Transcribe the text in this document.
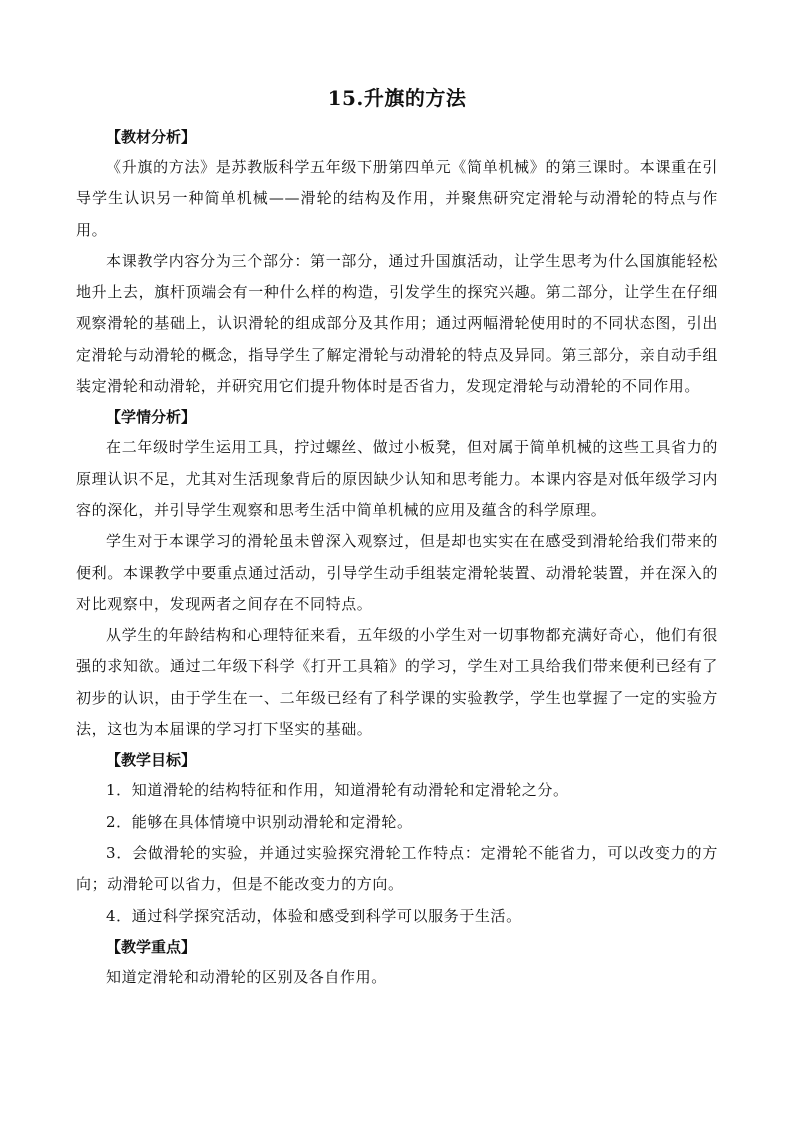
15.升旗的方法

【教材分析】

《升旗的方法》是苏教版科学五年级下册第四单元《简单机械》的第三课时。本课重在引导学生认识另一种简单机械——滑轮的结构及作用，并聚焦研究定滑轮与动滑轮的特点与作用。

本课教学内容分为三个部分：第一部分，通过升国旗活动，让学生思考为什么国旗能轻松地升上去，旗杆顶端会有一种什么样的构造，引发学生的探究兴趣。第二部分，让学生在仔细观察滑轮的基础上，认识滑轮的组成部分及其作用；通过两幅滑轮使用时的不同状态图，引出定滑轮与动滑轮的概念，指导学生了解定滑轮与动滑轮的特点及异同。第三部分，亲自动手组装定滑轮和动滑轮，并研究用它们提升物体时是否省力，发现定滑轮与动滑轮的不同作用。

【学情分析】

在二年级时学生运用工具，拧过螺丝、做过小板凳，但对属于简单机械的这些工具省力的原理认识不足，尤其对生活现象背后的原因缺少认知和思考能力。本课内容是对低年级学习内容的深化，并引导学生观察和思考生活中简单机械的应用及蕴含的科学原理。

学生对于本课学习的滑轮虽未曾深入观察过，但是却也实实在在感受到滑轮给我们带来的便利。本课教学中要重点通过活动，引导学生动手组装定滑轮装置、动滑轮装置，并在深入的对比观察中，发现两者之间存在不同特点。

从学生的年龄结构和心理特征来看，五年级的小学生对一切事物都充满好奇心，他们有很强的求知欲。通过二年级下科学《打开工具箱》的学习，学生对工具给我们带来便利已经有了初步的认识，由于学生在一、二年级已经有了科学课的实验教学，学生也掌握了一定的实验方法，这也为本届课的学习打下坚实的基础。

【教学目标】

1．知道滑轮的结构特征和作用，知道滑轮有动滑轮和定滑轮之分。

2．能够在具体情境中识别动滑轮和定滑轮。

3．会做滑轮的实验，并通过实验探究滑轮工作特点：定滑轮不能省力，可以改变力的方向；动滑轮可以省力，但是不能改变力的方向。

4．通过科学探究活动，体验和感受到科学可以服务于生活。

【教学重点】

知道定滑轮和动滑轮的区别及各自作用。
